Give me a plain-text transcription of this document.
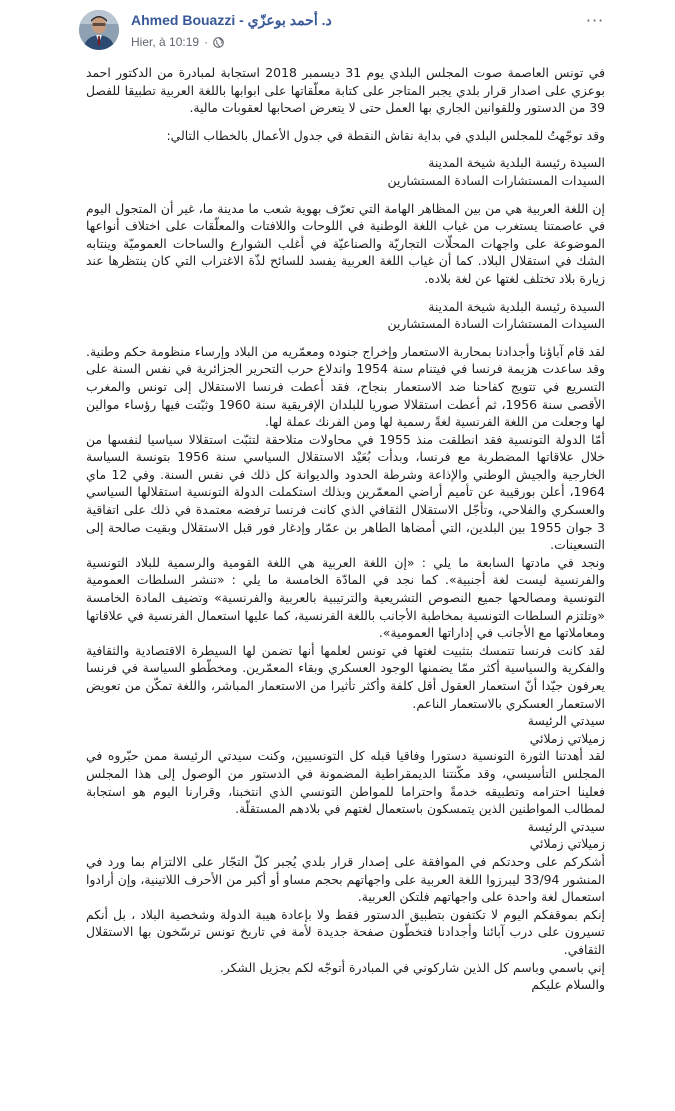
Ahmed Bouazzi - د. أحمد بوعزّي
Hier, à 10:19 ·
···

في تونس العاصمة صوت المجلس البلدي يوم 31 ديسمبر 2018 استجابة لمبادرة من الدكتور احمد بوعزي على اصدار قرار بلدي يجبر المتاجر على كتابة معلّقاتها على ابوابها باللغة العربية تطبيقا للفصل 39 من الدستور وللقوانين الجاري بها العمل حتى لا يتعرض اصحابها لعقوبات مالية.

وقد توجّهتُ للمجلس البلدي في بداية نقاش النقطة في جدول الأعمال بالخطاب التالي:

السيدة رئيسة البلدية شيخة المدينة

السيدات المستشارات السادة المستشارين

إن اللغة العربية هي من بين المظاهر الهامة التي تعرّف بهوية شعب ما مدينة ما، غير أن المتجول اليوم في عاصمتنا يستغرب من غياب اللغة الوطنية في اللوحات واللافتات والمعلّقات على اختلاف أنواعها الموضوعة على واجهات المحلّات التجاريّة والصناعيّة في أغلب الشوارع والساحات العموميّة وينتابه الشك في استقلال البلاد. كما أن غياب اللغة العربية يفسد للسائح لذّة الاغتراب التي كان ينتظرها عند زيارة بلاد تختلف لغتها عن لغة بلاده.

السيدة رئيسة البلدية شيخة المدينة

السيدات المستشارات السادة المستشارين

لقد قام آباؤنا وأجدادنا بمحاربة الاستعمار وإخراج جنوده ومعمّريه من البلاد وإرساء منظومة حكم وطنية. وقد ساعدت هزيمة فرنسا في فيتنام سنة 1954 واندلاع حرب التحرير الجزائرية في نفس السنة على التسريع في تتويج كفاحنا ضد الاستعمار بنجاح، فقد أعطت فرنسا الاستقلال إلى تونس والمغرب الأقصى سنة 1956، ثم أعطت استقلالا صوريا للبلدان الإفريقية سنة 1960 وثبّتت فيها رؤساء موالين لها وجعلت من اللغة الفرنسية لغةً رسمية لها ومن الفرنك عملة لها.

أمّا الدولة التونسية فقد انطلقت منذ 1955 في محاولات متلاحقة لتثبّت استقلالا سياسيا لنفسها من خلال علاقاتها المضطربة مع فرنسا، وبدأت بُعَيْد الاستقلال السياسي سنة 1956 بتونسة السياسة الخارجية والجيش الوطني والإذاعة وشرطة الحدود والديوانة كل ذلك في نفس السنة. وفي 12 ماي 1964، أعلن بورقيبة عن تأميم أراضي المعمّرين وبذلك استكملت الدولة التونسية استقلالها السياسي والعسكري والفلاحي، وتأجّل الاستقلال الثقافي الذي كانت فرنسا ترفضه معتمدة في ذلك على اتفاقية 3 جوان 1955 بين البلدين، التي أمضاها الطاهر بن عمّار وإدغار فور قبل الاستقلال وبقيت صالحة إلى التسعينات.

ونجد في مادتها السابعة ما يلي : «إن اللغة العربية هي اللغة القومية والرسمية للبلاد التونسية والفرنسية ليست لغة أجنبية». كما نجد في المادّة الخامسة ما يلي : «تنشر السلطات العمومية التونسية ومصالحها جميع النصوص التشريعية والترتيبية بالعربية والفرنسية» وتضيف المادة الخامسة «وتلتزم السلطات التونسية بمخاطبة الأجانب باللغة الفرنسية، كما عليها استعمال الفرنسية في علاقاتها ومعاملاتها مع الأجانب في إداراتها العمومية».

لقد كانت فرنسا تتمسك بتثبيت لغتها في تونس لعلمها أنها تضمن لها السيطرة الاقتصادية والثقافية والفكرية والسياسية أكثر ممّا يضمنها الوجود العسكري وبقاء المعمّرين. ومخطّطو السياسة في فرنسا يعرفون جيّدا أنّ استعمار العقول أقل كلفة وأكثر تأثيرا من الاستعمار المباشر، واللغة تمكّن من تعويض الاستعمار العسكري بالاستعمار الناعم.

سيدتي الرئيسة

زميلاتي زملائي

لقد أهدتنا الثورة التونسية دستورا وفاقيا قبله كل التونسيين، وكنت سيدتي الرئيسة ممن حبّروه في المجلس التأسيسي، وقد مكّنتنا الديمقراطية المضمونة في الدستور من الوصول إلى هذا المجلس فعلينا احترامه وتطبيقه خدمةً واحتراما للمواطن التونسي الذي انتخبنا، وقرارنا اليوم هو استجابة لمطالب المواطنين الذين يتمسكون باستعمال لغتهم في بلادهم المستقلّة.

سيدتي الرئيسة

زميلاتي زملائي

أشكركم على وحدتكم في الموافقة على إصدار قرار بلدي يُجبر كلّ التجّار على الالتزام بما ورد في المنشور 33/94 ليبرزوا اللغة العربية على واجهاتهم بحجم مساو أو أكبر من الأحرف اللاتينية، وإن أرادوا استعمال لغة واحدة على واجهاتهم فلتكن العربية.

إنكم بموقفكم اليوم لا تكتفون بتطبيق الدستور فقط ولا بإعادة هيبة الدولة وشخصية البلاد ، بل أنكم تسيرون على درب آبائنا وأجدادنا فتخطّون صفحة جديدة لأمة في تاريخ تونس ترسّخون بها الاستقلال الثقافي.

إني باسمي وباسم كل الذين شاركوني في المبادرة أتوجّه لكم بجزيل الشكر.

والسلام عليكم
